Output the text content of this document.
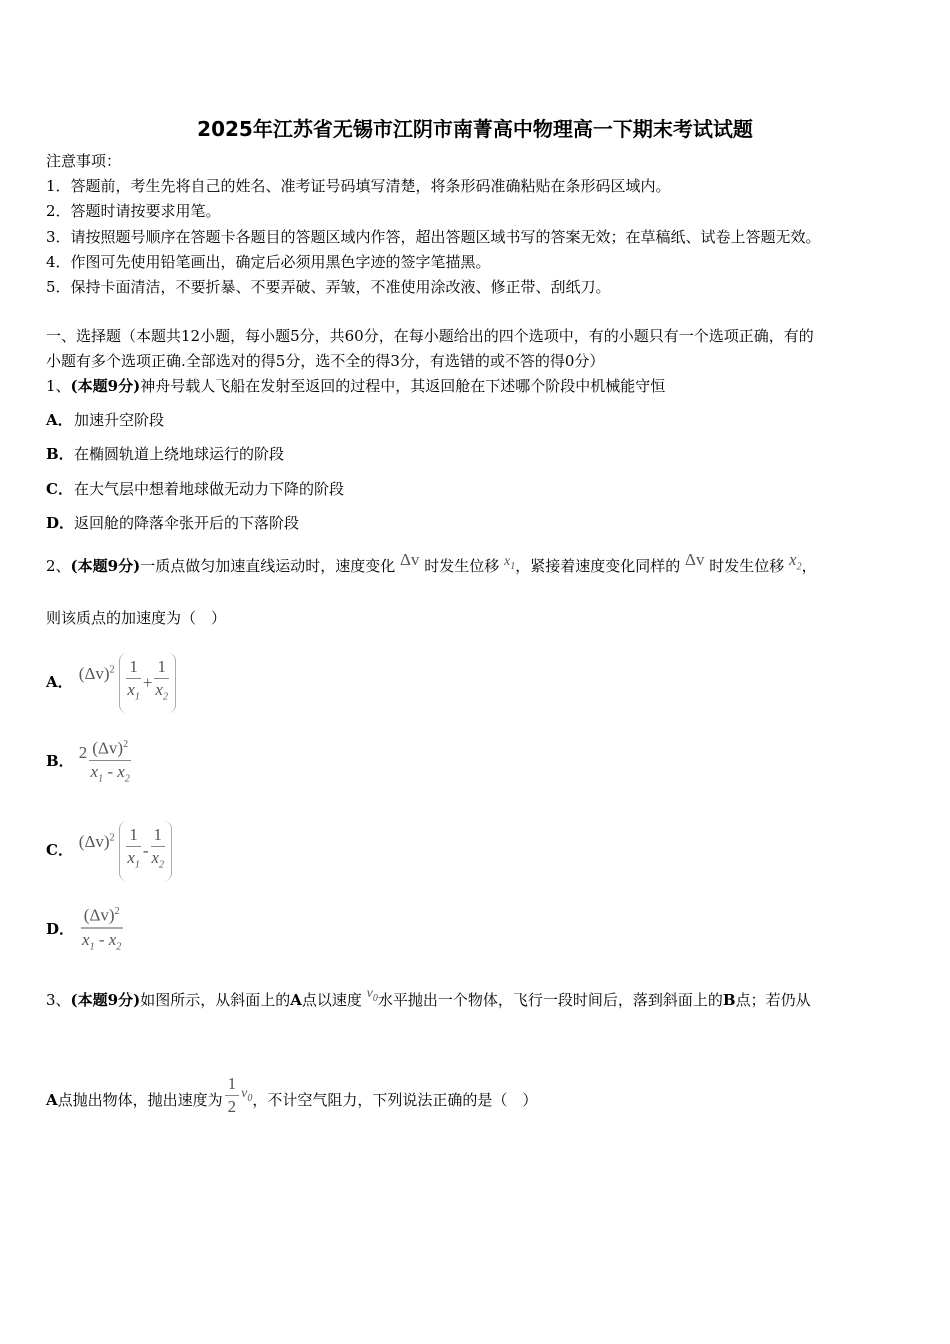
2025年江苏省无锡市江阴市南菁高中物理高一下期末考试试题
注意事项：
1．答题前，考生先将自己的姓名、准考证号码填写清楚，将条形码准确粘贴在条形码区域内。
2．答题时请按要求用笔。
3．请按照题号顺序在答题卡各题目的答题区域内作答，超出答题区域书写的答案无效；在草稿纸、试卷上答题无效。
4．作图可先使用铅笔画出，确定后必须用黑色字迹的签字笔描黑。
5．保持卡面清洁，不要折暴、不要弄破、弄皱，不准使用涂改液、修正带、刮纸刀。
一、选择题（本题共12小题，每小题5分，共60分，在每小题给出的四个选项中，有的小题只有一个选项正确，有的
小题有多个选项正确.全部选对的得5分，选不全的得3分，有选错的或不答的得0分）
1、(本题9分)神舟号载人飞船在发射至返回的过程中，其返回舱在下述哪个阶段中机械能守恒
A．加速升空阶段
B．在椭圆轨道上绕地球运行的阶段
C．在大气层中想着地球做无动力下降的阶段
D．返回舱的降落伞张开后的下落阶段
2、(本题9分)一质点做匀加速直线运动时，速度变化 Δv 时发生位移 $x_1$，紧接着速度变化同样的 Δv 时发生位移 $x_2$，
则该质点的加速度为（　）
A． $(\Delta v)^2 \frac{1}{x_1} + \frac{1}{x_2}$
B． $2 \frac{(\Delta v)^2}{x_1 - x_2}$
C． $(\Delta v)^2 \frac{1}{x_1} - \frac{1}{x_2}$
D． $\frac{(\Delta v)^2}{x_1 - x_2}$
3、(本题9分)如图所示，从斜面上的A点以速度 $v_0$水平抛出一个物体，飞行一段时间后，落到斜面上的B点；若仍从
A点抛出物体，抛出速度为 $\frac{1}{2} v_0$，不计空气阻力，下列说法正确的是（　）
